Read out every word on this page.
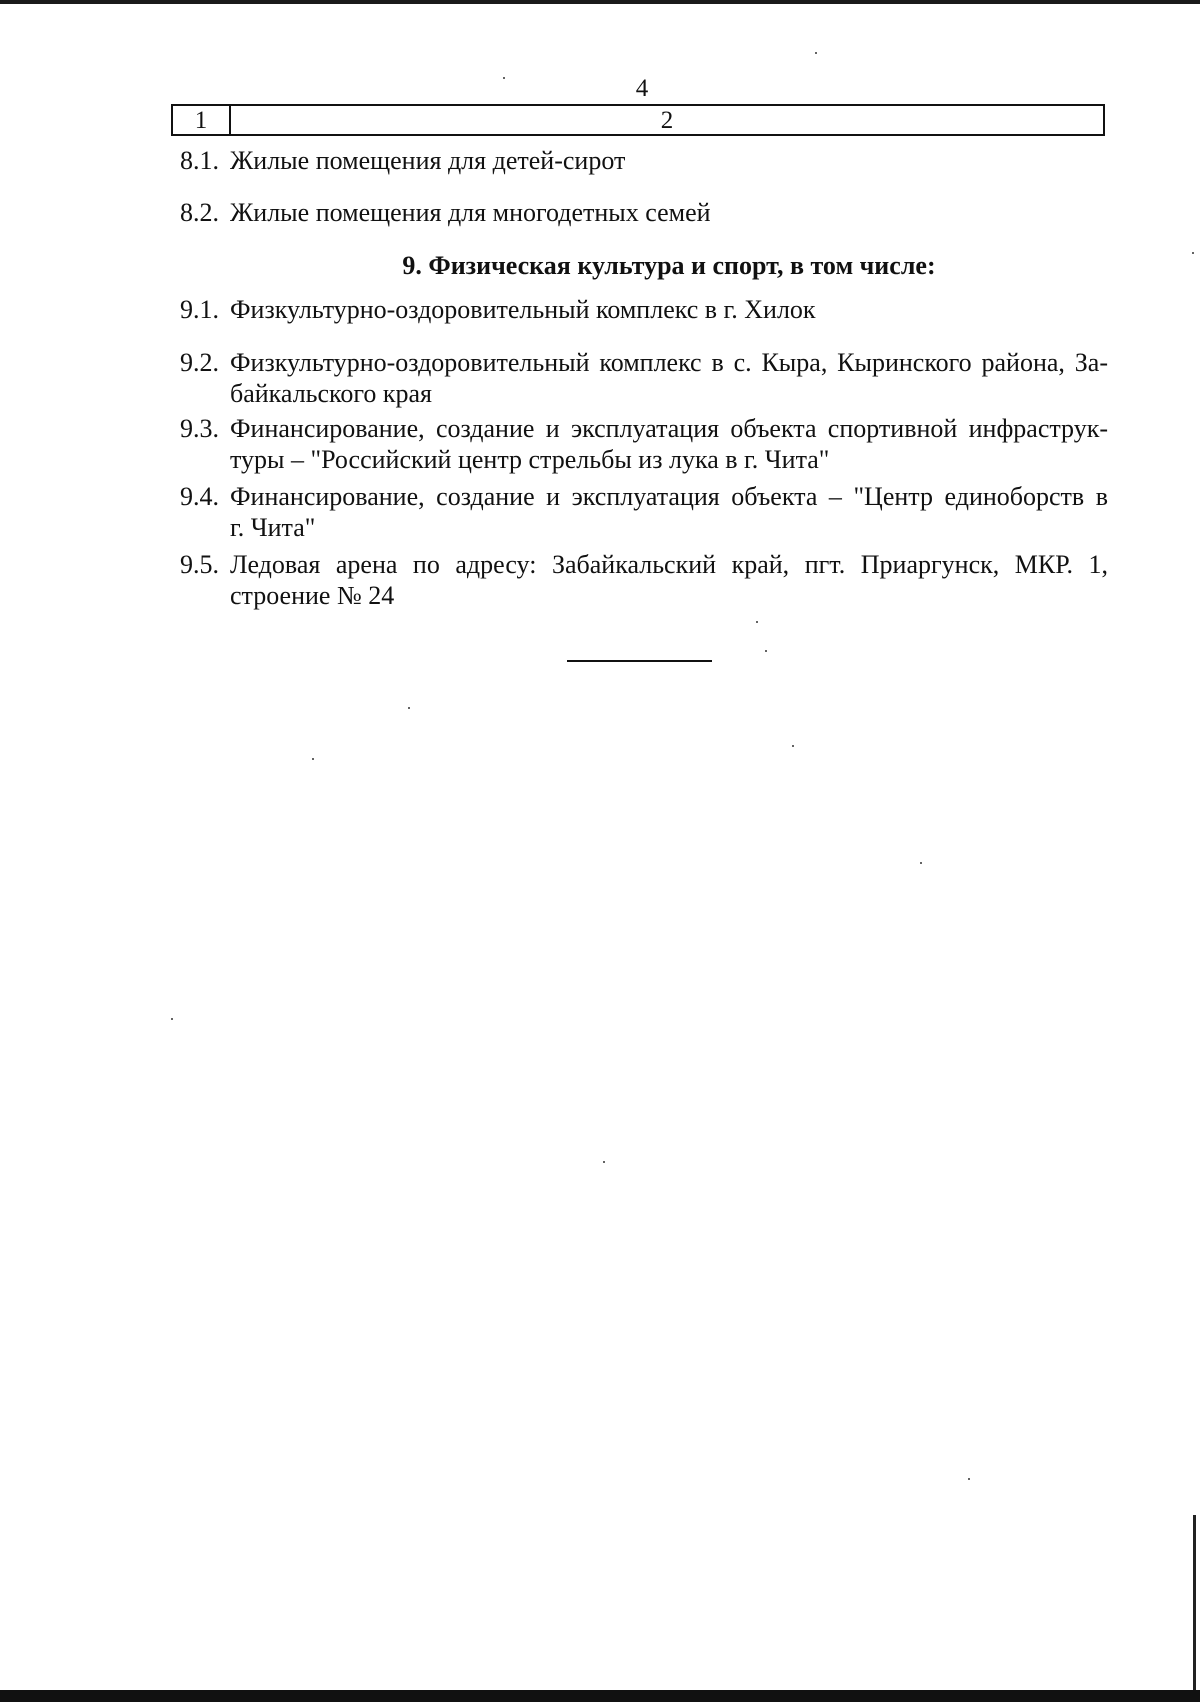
4
1	2
8.1. Жилые помещения для детей-сирот
8.2. Жилые помещения для многодетных семей
9. Физическая культура и спорт, в том числе:
9.1. Физкультурно-оздоровительный комплекс в г. Хилок
9.2. Физкультурно-оздоровительный комплекс в с. Кыра, Кыринского района, За-
байкальского края
9.3. Финансирование, создание и эксплуатация объекта спортивной инфраструк-
туры – "Российский центр стрельбы из лука в г. Чита"
9.4. Финансирование, создание и эксплуатация объекта – "Центр единоборств в
г. Чита"
9.5. Ледовая арена по адресу: Забайкальский край, пгт. Приаргунск, МКР. 1,
строение № 24
